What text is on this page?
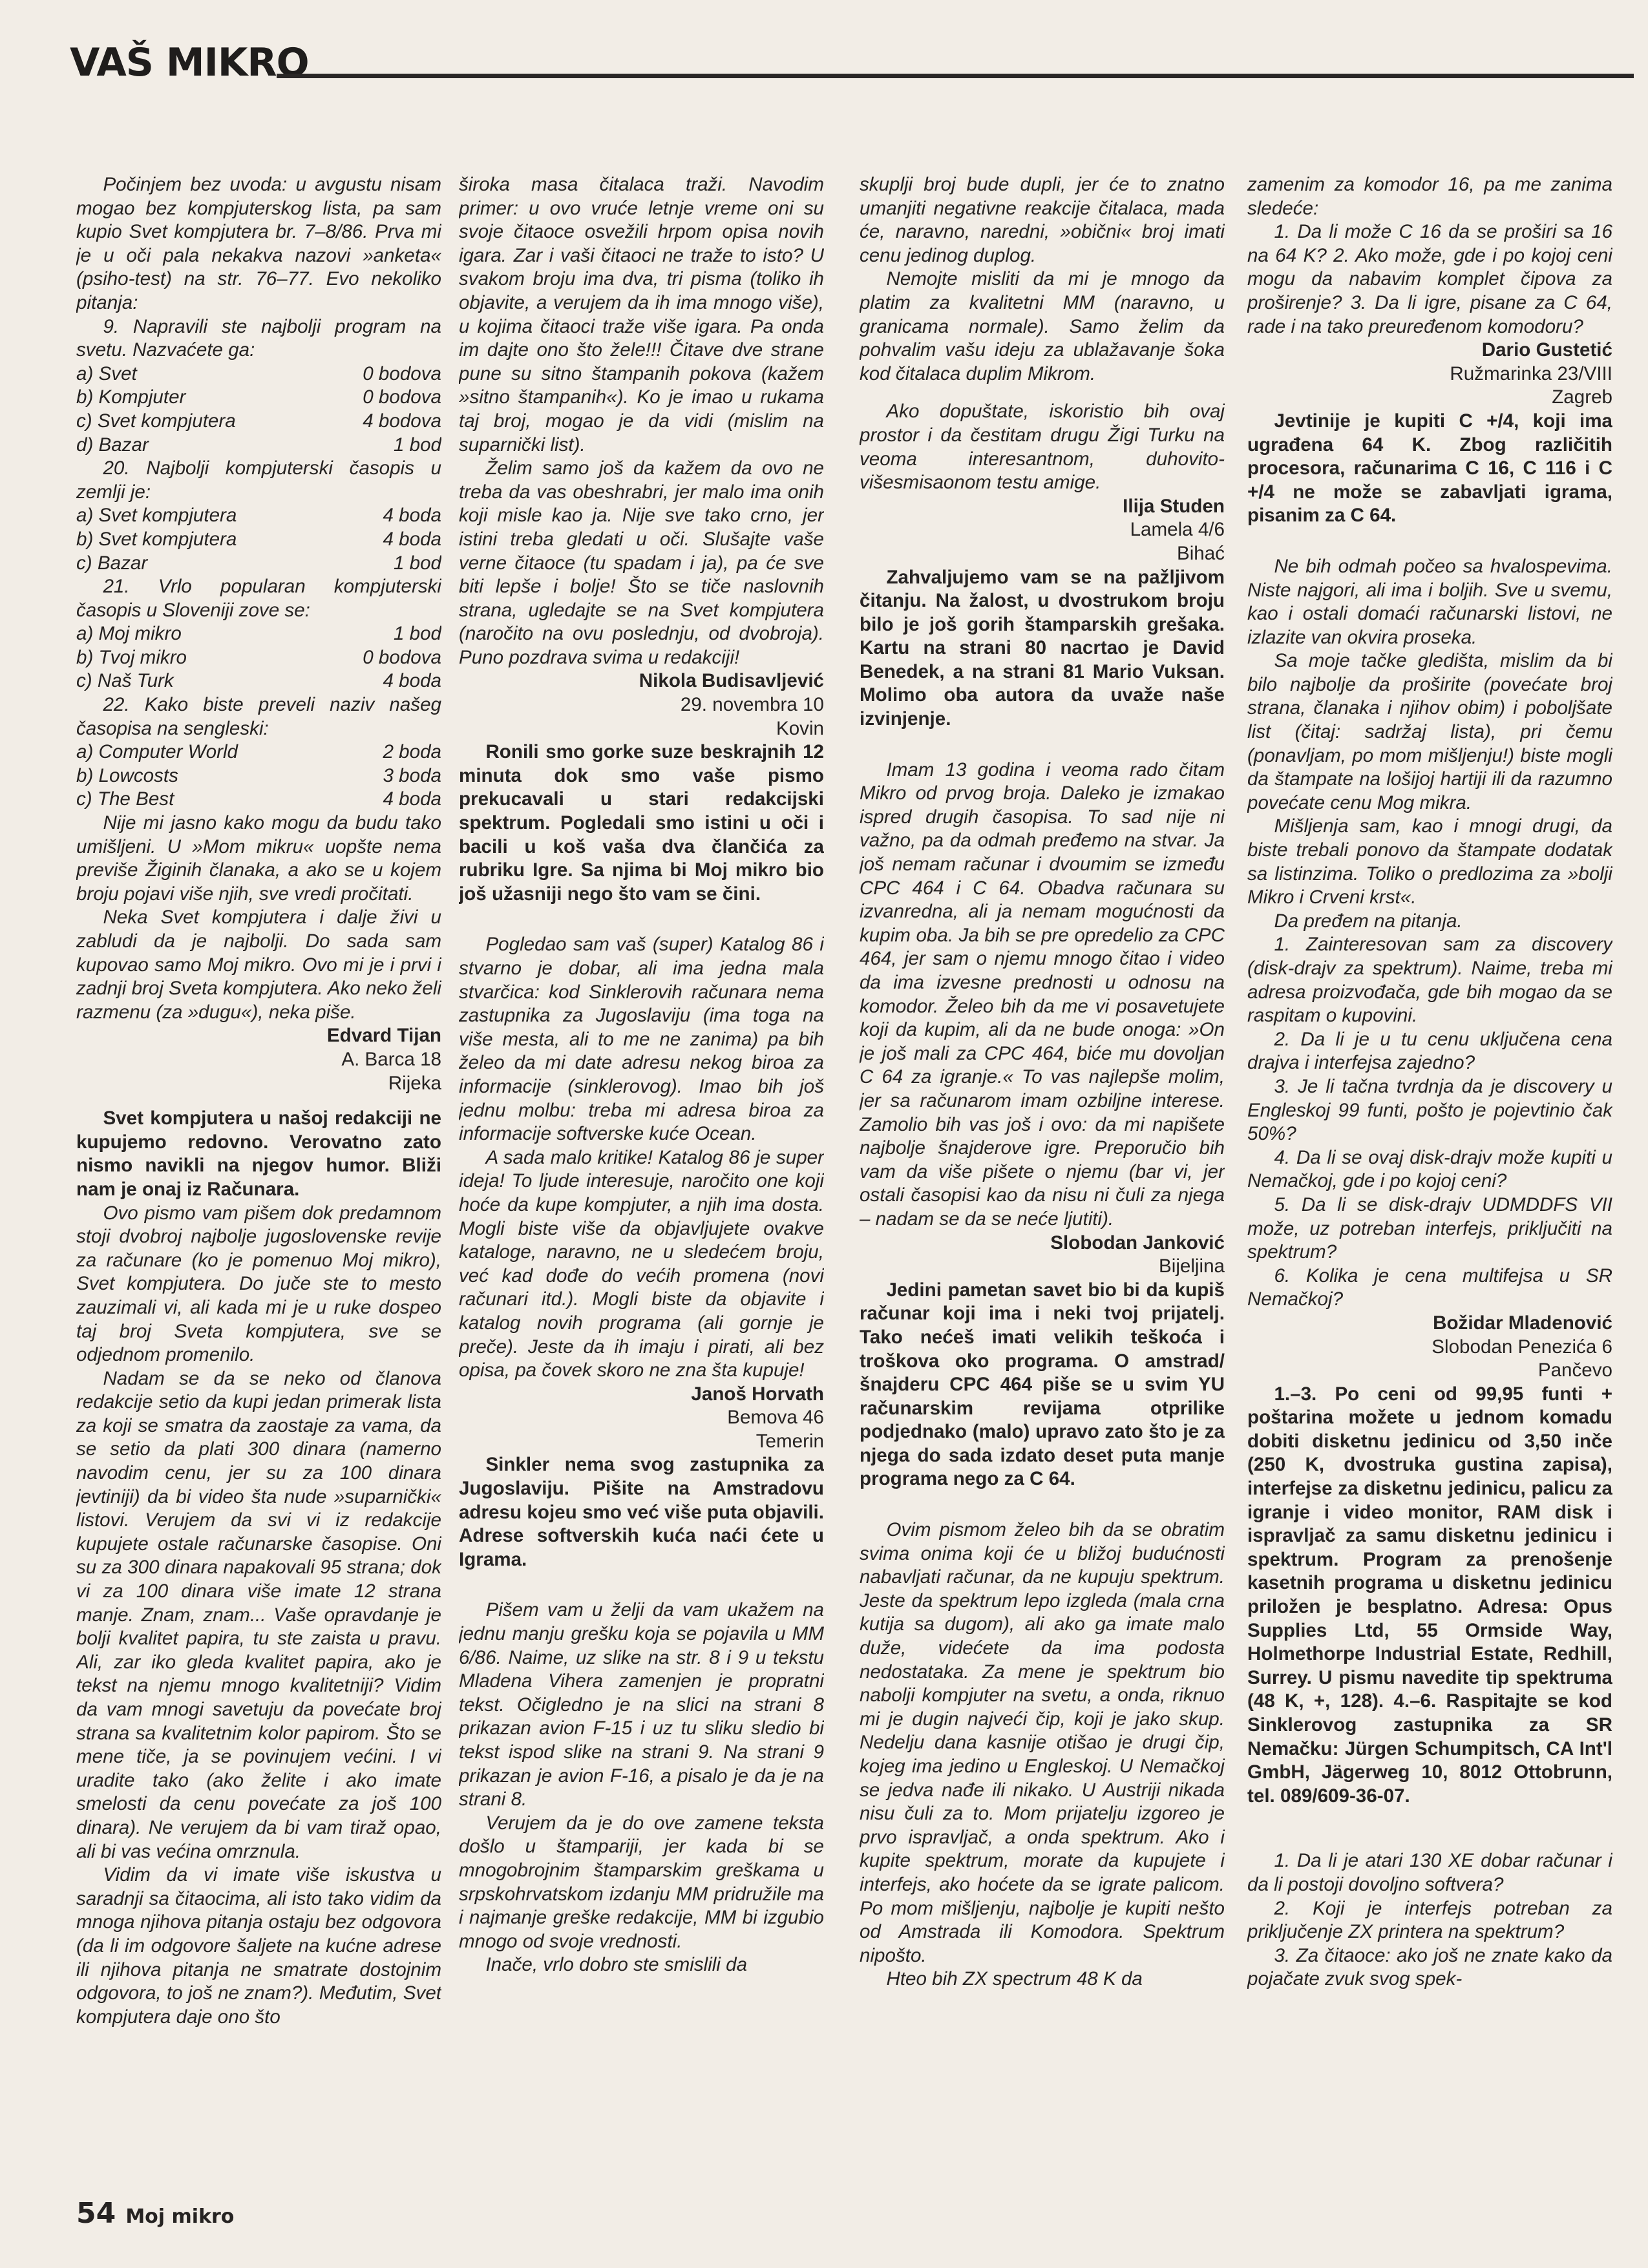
VAŠ MIKRO

Počinjem bez uvoda: u avgustu nisam mogao bez kompjuterskog lista, pa sam kupio Svet kompjutera br. 7–8/86. Prva mi je u oči pala nekakva nazovi »anketa« (psiho-test) na str. 76–77. Evo nekoliko pitanja:

9. Napravili ste najbolji program na svetu. Nazvaćete ga:

a) Svet	0 bodova
b) Kompjuter	0 bodova
c) Svet kompjutera	4 bodova
d) Bazar	1 bod

20. Najbolji kompjuterski časopis u zemlji je:

a) Svet kompjutera	4 boda
b) Svet kompjutera	4 boda
c) Bazar	1 bod

21. Vrlo popularan kompjuterski časopis u Sloveniji zove se:

a) Moj mikro	1 bod
b) Tvoj mikro	0 bodova
c) Naš Turk	4 boda

22. Kako biste preveli naziv našeg časopisa na sengleski:

a) Computer World	2 boda
b) Lowcosts	3 boda
c) The Best	4 boda

Nije mi jasno kako mogu da budu tako umišljeni. U »Mom mikru« uopšte nema previše Žiginih članaka, a ako se u kojem broju pojavi više njih, sve vredi pročitati.

Neka Svet kompjutera i dalje živi u zabludi da je najbolji. Do sada sam kupovao samo Moj mikro. Ovo mi je i prvi i zadnji broj Sveta kompjutera. Ako neko želi razmenu (za »dugu«), neka piše.

Edvard Tijan
A. Barca 18
Rijeka

Svet kompjutera u našoj redakciji ne kupujemo redovno. Verovatno zato nismo navikli na njegov humor. Bliži nam je onaj iz Računara.

Ovo pismo vam pišem dok predamnom stoji dvobroj najbolje jugoslovenske revije za računare (ko je pomenuo Moj mikro), Svet kompjutera. Do juče ste to mesto zauzimali vi, ali kada mi je u ruke dospeo taj broj Sveta kompjutera, sve se odjednom promenilo.

Nadam se da se neko od članova redakcije setio da kupi jedan primerak lista za koji se smatra da zaostaje za vama, da se setio da plati 300 dinara (namerno navodim cenu, jer su za 100 dinara jevtiniji) da bi video šta nude »suparnički« listovi. Verujem da svi vi iz redakcije kupujete ostale računarske časopise. Oni su za 300 dinara napakovali 95 strana; dok vi za 100 dinara više imate 12 strana manje. Znam, znam... Vaše opravdanje je bolji kvalitet papira, tu ste zaista u pravu. Ali, zar iko gleda kvalitet papira, ako je tekst na njemu mnogo kvalitetniji? Vidim da vam mnogi savetuju da povećate broj strana sa kvalitetnim kolor papirom. Što se mene tiče, ja se povinujem većini. I vi uradite tako (ako želite i ako imate smelosti da cenu povećate za još 100 dinara). Ne verujem da bi vam tiraž opao, ali bi vas većina omrznula.

Vidim da vi imate više iskustva u saradnji sa čitaocima, ali isto tako vidim da mnoga njihova pitanja ostaju bez odgovora (da li im odgovore šaljete na kućne adrese ili njihova pitanja ne smatrate dostojnim odgovora, to još ne znam?). Međutim, Svet kompjutera daje ono što

široka masa čitalaca traži. Navodim primer: u ovo vruće letnje vreme oni su svoje čitaoce osvežili hrpom opisa novih igara. Zar i vaši čitaoci ne traže to isto? U svakom broju ima dva, tri pisma (toliko ih objavite, a verujem da ih ima mnogo više), u kojima čitaoci traže više igara. Pa onda im dajte ono što žele!!! Čitave dve strane pune su sitno štampanih pokova (kažem »sitno štampanih«). Ko je imao u rukama taj broj, mogao je da vidi (mislim na suparnički list).

Želim samo još da kažem da ovo ne treba da vas obeshrabri, jer malo ima onih koji misle kao ja. Nije sve tako crno, jer istini treba gledati u oči. Slušajte vaše verne čitaoce (tu spadam i ja), pa će sve biti lepše i bolje! Što se tiče naslovnih strana, ugledajte se na Svet kompjutera (naročito na ovu poslednju, od dvobroja). Puno pozdrava svima u redakciji!

Nikola Budisavljević
29. novembra 10
Kovin

Ronili smo gorke suze beskrajnih 12 minuta dok smo vaše pismo prekucavali u stari redakcijski spektrum. Pogledali smo istini u oči i bacili u koš vaša dva člančića za rubriku Igre. Sa njima bi Moj mikro bio još užasniji nego što vam se čini.

Pogledao sam vaš (super) Katalog 86 i stvarno je dobar, ali ima jedna mala stvarčica: kod Sinklerovih računara nema zastupnika za Jugoslaviju (ima toga na više mesta, ali to me ne zanima) pa bih želeo da mi date adresu nekog biroa za informacije (sinklerovog). Imao bih još jednu molbu: treba mi adresa biroa za informacije softverske kuće Ocean.

A sada malo kritike! Katalog 86 je super ideja! To ljude interesuje, naročito one koji hoće da kupe kompjuter, a njih ima dosta. Mogli biste više da objavljujete ovakve kataloge, naravno, ne u sledećem broju, već kad dođe do većih promena (novi računari itd.). Mogli biste da objavite i katalog novih programa (ali gornje je preče). Jeste da ih imaju i pirati, ali bez opisa, pa čovek skoro ne zna šta kupuje!

Janoš Horvath
Bemova 46
Temerin

Sinkler nema svog zastupnika za Jugoslaviju. Pišite na Amstradovu adresu kojeu smo već više puta objavili. Adrese softverskih kuća naći ćete u Igrama.

Pišem vam u želji da vam ukažem na jednu manju grešku koja se pojavila u MM 6/86. Naime, uz slike na str. 8 i 9 u tekstu Mladena Vihera zamenjen je propratni tekst. Očigledno je na slici na strani 8 prikazan avion F-15 i uz tu sliku sledio bi tekst ispod slike na strani 9. Na strani 9 prikazan je avion F-16, a pisalo je da je na strani 8.

Verujem da je do ove zamene teksta došlo u štampariji, jer kada bi se mnogobrojnim štamparskim greškama u srpskohrvatskom izdanju MM pridružile ma i najmanje greške redakcije, MM bi izgubio mnogo od svoje vrednosti.

Inače, vrlo dobro ste smislili da

skuplji broj bude dupli, jer će to znatno umanjiti negativne reakcije čitalaca, mada će, naravno, naredni, »obični« broj imati cenu jedinog duplog.

Nemojte misliti da mi je mnogo da platim za kvalitetni MM (naravno, u granicama normale). Samo želim da pohvalim vašu ideju za ublažavanje šoka kod čitalaca duplim Mikrom.

Ako dopuštate, iskoristio bih ovaj prostor i da čestitam drugu Žigi Turku na veoma interesantnom, duhovito-višesmisaonom testu amige.

Ilija Studen
Lamela 4/6
Bihać

Zahvaljujemo vam se na pažljivom čitanju. Na žalost, u dvostrukom broju bilo je još gorih štamparskih grešaka. Kartu na strani 80 nacrtao je David Benedek, a na strani 81 Mario Vuksan. Molimo oba autora da uvaže naše izvinjenje.

Imam 13 godina i veoma rado čitam Mikro od prvog broja. Daleko je izmakao ispred drugih časopisa. To sad nije ni važno, pa da odmah pređemo na stvar. Ja još nemam računar i dvoumim se između CPC 464 i C 64. Obadva računara su izvanredna, ali ja nemam mogućnosti da kupim oba. Ja bih se pre opredelio za CPC 464, jer sam o njemu mnogo čitao i video da ima izvesne prednosti u odnosu na komodor. Želeo bih da me vi posavetujete koji da kupim, ali da ne bude onoga: »On je još mali za CPC 464, biće mu dovoljan C 64 za igranje.« To vas najlepše molim, jer sa računarom imam ozbiljne interese. Zamolio bih vas još i ovo: da mi napišete najbolje šnajderove igre. Preporučio bih vam da više pišete o njemu (bar vi, jer ostali časopisi kao da nisu ni čuli za njega – nadam se da se neće ljutiti).

Slobodan Janković
Bijeljina

Jedini pametan savet bio bi da kupiš računar koji ima i neki tvoj prijatelj. Tako nećeš imati velikih teškoća i troškova oko programa. O amstrad/šnajderu CPC 464 piše se u svim YU računarskim revijama otprilike podjednako (malo) upravo zato što je za njega do sada izdato deset puta manje programa nego za C 64.

Ovim pismom želeo bih da se obratim svima onima koji će u bližoj budućnosti nabavljati računar, da ne kupuju spektrum. Jeste da spektrum lepo izgleda (mala crna kutija sa dugom), ali ako ga imate malo duže, videćete da ima podosta nedostataka. Za mene je spektrum bio nabolji kompjuter na svetu, a onda, riknuo mi je dugin najveći čip, koji je jako skup. Nedelju dana kasnije otišao je drugi čip, kojeg ima jedino u Engleskoj. U Nemačkoj se jedva nađe ili nikako. U Austriji nikada nisu čuli za to. Mom prijatelju izgoreo je prvo ispravljač, a onda spektrum. Ako i kupite spektrum, morate da kupujete i interfejs, ako hoćete da se igrate palicom. Po mom mišljenju, najbolje je kupiti nešto od Amstrada ili Komodora. Spektrum nipošto.

Hteo bih ZX spectrum 48 K da

zamenim za komodor 16, pa me zanima sledeće:

1. Da li može C 16 da se proširi sa 16 na 64 K? 2. Ako može, gde i po kojoj ceni mogu da nabavim komplet čipova za proširenje? 3. Da li igre, pisane za C 64, rade i na tako preuređenom komodoru?

Dario Gustetić
Ružmarinka 23/VIII
Zagreb

Jevtinije je kupiti C +/4, koji ima ugrađena 64 K. Zbog različitih procesora, računarima C 16, C 116 i C +/4 ne može se zabavljati igrama, pisanim za C 64.

Ne bih odmah počeo sa hvalospevima. Niste najgori, ali ima i boljih. Sve u svemu, kao i ostali domaći računarski listovi, ne izlazite van okvira proseka.

Sa moje tačke gledišta, mislim da bi bilo najbolje da proširite (povećate broj strana, članaka i njihov obim) i pobolјšate list (čitaj: sadržaj lista), pri čemu (ponavljam, po mom mišljenju!) biste mogli da štampate na lošijoj hartiji ili da razumno povećate cenu Mog mikra.

Mišljenja sam, kao i mnogi drugi, da biste trebali ponovo da štampate dodatak sa listinzima. Toliko o predlozima za »bolji Mikro i Crveni krst«.

Da pređem na pitanja.

1. Zainteresovan sam za discovery (disk-drajv za spektrum). Naime, treba mi adresa proizvođača, gde bih mogao da se raspitam o kupovini.

2. Da li je u tu cenu uključena cena drajva i interfejsa zajedno?

3. Je li tačna tvrdnja da je discovery u Engleskoj 99 funti, pošto je pojevtinio čak 50%?

4. Da li se ovaj disk-drajv može kupiti u Nemačkoj, gde i po kojoj ceni?

5. Da li se disk-drajv UDMDDFS VII može, uz potreban interfejs, priključiti na spektrum?

6. Kolika je cena multifejsa u SR Nemačkoj?

Božidar Mladenović
Slobodan Penezića 6
Pančevo

1.–3. Po ceni od 99,95 funti + poštarina možete u jednom komadu dobiti disketnu jedinicu od 3,50 inče (250 K, dvostruka gustina zapisa), interfejse za disketnu jedinicu, palicu za igranje i video monitor, RAM disk i ispravljač za samu disketnu jedinicu i spektrum. Program za prenošenje kasetnih programa u disketnu jedinicu priložen je besplatno. Adresa: Opus Supplies Ltd, 55 Ormside Way, Holmethorpe Industrial Estate, Redhill, Surrey. U pismu navedite tip spektruma (48 K, +, 128). 4.–6. Raspitajte se kod Sinklerovog zastupnika za SR Nemačku: Jürgen Schumpitsch, CA Int'l GmbH, Jägerweg 10, 8012 Ottobrunn, tel. 089/609-36-07.

1. Da li je atari 130 XE dobar računar i da li postoji dovoljno softvera?

2. Koji je interfejs potreban za priključenje ZX printera na spektrum?

3. Za čitaoce: ako još ne znate kako da pojačate zvuk svog spek-

54 Moj mikro
